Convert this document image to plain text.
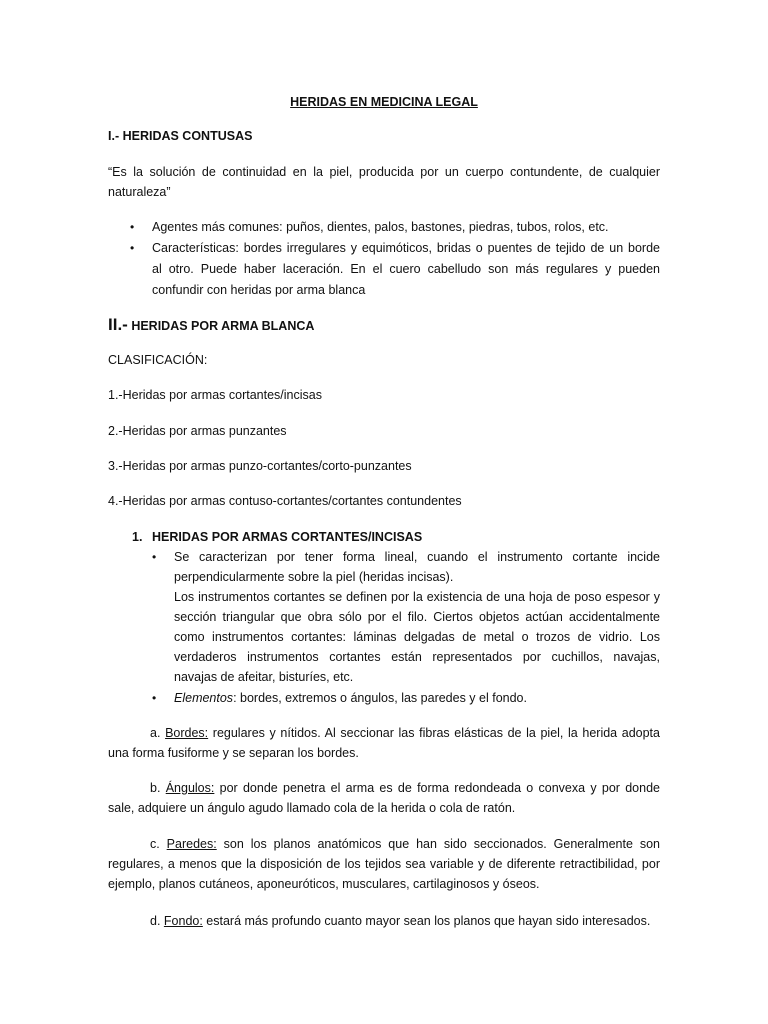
HERIDAS EN MEDICINA LEGAL
I.- HERIDAS CONTUSAS
“Es la solución de continuidad en la piel, producida por un cuerpo contundente, de cualquier
naturaleza”
• Agentes más comunes: puños, dientes, palos, bastones, piedras, tubos, rolos, etc.
• Características: bordes irregulares y equimóticos, bridas o puentes de tejido de un borde
al otro. Puede haber laceración. En el cuero cabelludo son más regulares y pueden
confundir con heridas por arma blanca
II.- HERIDAS POR ARMA BLANCA
CLASIFICACIÓN:
1.-Heridas por armas cortantes/incisas
2.-Heridas por armas punzantes
3.-Heridas por armas punzo-cortantes/corto-punzantes
4.-Heridas por armas contuso-cortantes/cortantes contundentes
1. HERIDAS POR ARMAS CORTANTES/INCISAS
• Se caracterizan por tener forma lineal, cuando el instrumento cortante incide
perpendicularmente sobre la piel (heridas incisas).
Los instrumentos cortantes se definen por la existencia de una hoja de poso espesor y
sección triangular que obra sólo por el filo. Ciertos objetos actúan accidentalmente
como instrumentos cortantes: láminas delgadas de metal o trozos de vidrio. Los
verdaderos instrumentos cortantes están representados por cuchillos, navajas,
navajas de afeitar, bisturíes, etc.
• Elementos: bordes, extremos o ángulos, las paredes y el fondo.
a. Bordes: regulares y nítidos. Al seccionar las fibras elásticas de la piel, la herida adopta
una forma fusiforme y se separan los bordes.
b. Ángulos: por donde penetra el arma es de forma redondeada o convexa y por donde
sale, adquiere un ángulo agudo llamado cola de la herida o cola de ratón.
c. Paredes: son los planos anatómicos que han sido seccionados. Generalmente son
regulares, a menos que la disposición de los tejidos sea variable y de diferente retractibilidad, por
ejemplo, planos cutáneos, aponeuróticos, musculares, cartilaginosos y óseos.
d. Fondo: estará más profundo cuanto mayor sean los planos que hayan sido interesados.
